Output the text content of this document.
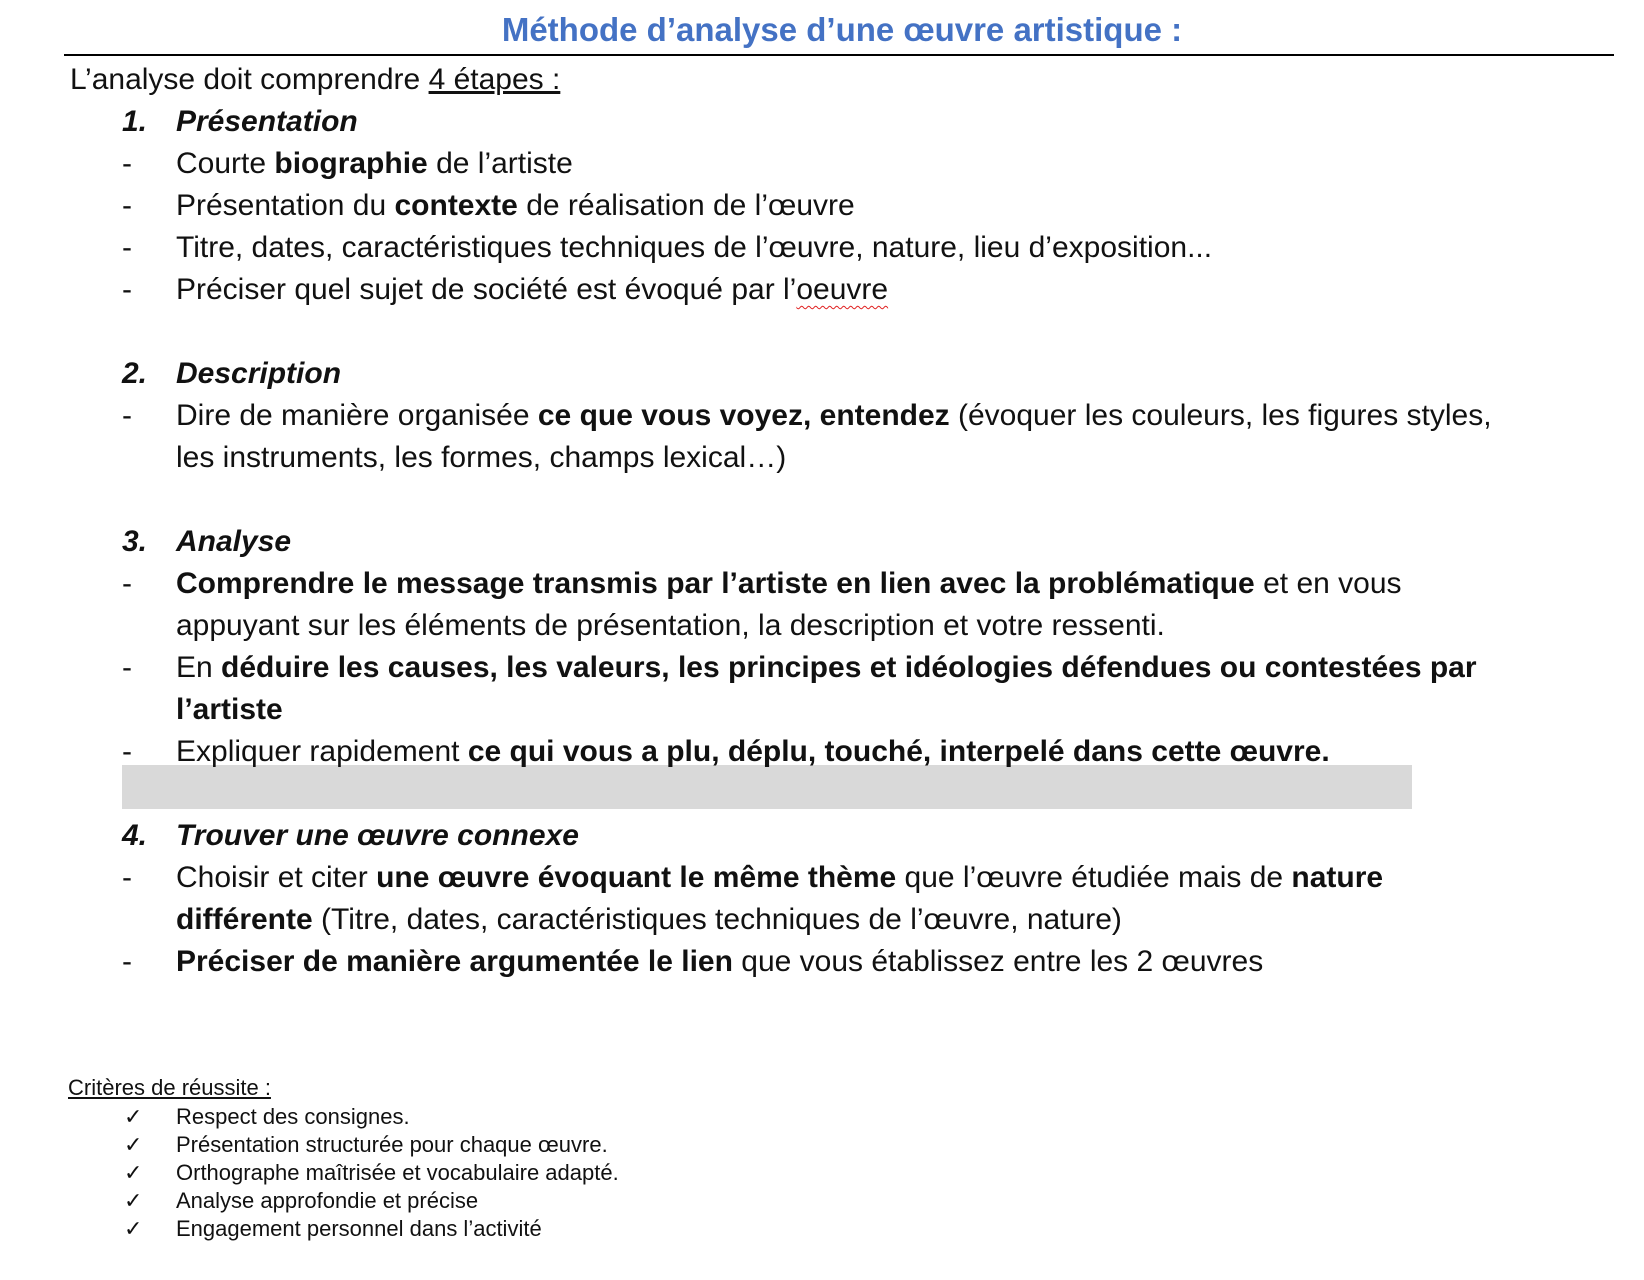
Méthode d’analyse d’une œuvre artistique :
L’analyse doit comprendre 4 étapes :
1. Présentation
- Courte biographie de l’artiste
- Présentation du contexte de réalisation de l’œuvre
- Titre, dates, caractéristiques techniques de l’œuvre, nature, lieu d’exposition...
- Préciser quel sujet de société est évoqué par l’oeuvre
2. Description
- Dire de manière organisée ce que vous voyez, entendez (évoquer les couleurs, les figures styles,
les instruments, les formes, champs lexical…)
3. Analyse
- Comprendre le message transmis par l’artiste en lien avec la problématique et en vous
appuyant sur les éléments de présentation, la description et votre ressenti.
- En déduire les causes, les valeurs, les principes et idéologies défendues ou contestées par
l’artiste
- Expliquer rapidement ce qui vous a plu, déplu, touché, interpelé dans cette œuvre.
4. Trouver une œuvre connexe
- Choisir et citer une œuvre évoquant le même thème que l’œuvre étudiée mais de nature
différente (Titre, dates, caractéristiques techniques de l’œuvre, nature)
- Préciser de manière argumentée le lien que vous établissez entre les 2 œuvres
Critères de réussite :
✓ Respect des consignes.
✓ Présentation structurée pour chaque œuvre.
✓ Orthographe maîtrisée et vocabulaire adapté.
✓ Analyse approfondie et précise
✓ Engagement personnel dans l’activité
